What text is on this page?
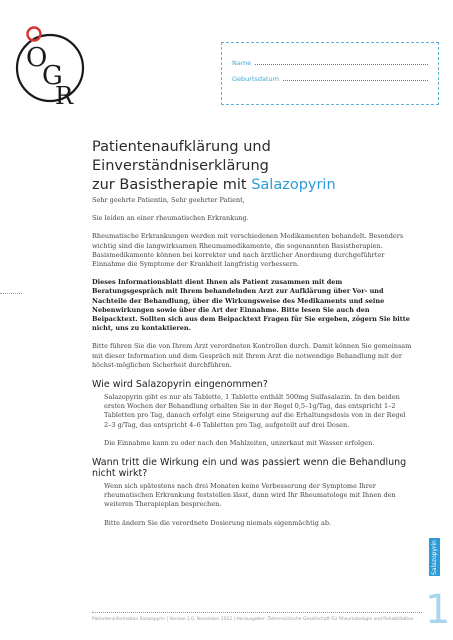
O
G
R
Name
Geburtsdatum
Patientenaufklärung und Einverständniserklärung
zur Basistherapie mit Salazopyrin

Sehr geehrte Patientin, Sehr geehrter Patient,

Sie leiden an einer rheumatischen Erkrankung.

Rheumatische Erkrankungen werden mit verschiedenen Medikamenten behandelt. Besonders wichtig sind die langwirksamen Rheumamedikamente, die sogenannten Basistherapien. Basismedikamente können bei korrekter und nach ärztlicher Anordnung durchgeführter Einnahme die Symptome der Krankheit langfristig verbessern.

Dieses Informationsblatt dient Ihnen als Patient zusammen mit dem Beratungsgespräch mit Ihrem behandelnden Arzt zur Aufklärung über Vor- und Nachteile der Behandlung, über die Wirkungsweise des Medikaments und seine Nebenwirkungen sowie über die Art der Einnahme. Bitte lesen Sie auch den Beipacktext. Sollten sich aus dem Beipacktext Fragen für Sie ergeben, zögern Sie bitte nicht, uns zu kontaktieren.

Bitte führen Sie die von Ihrem Arzt verordneten Kontrollen durch. Damit können Sie gemeinsam mit dieser Information und dem Gespräch mit Ihrem Arzt die notwendige Behandlung mit der höchst-möglichen Sicherheit durchführen.

Wie wird Salazopyrin eingenommen?

Salazopyrin gibt es nur als Tablette, 1 Tablette enthält 500mg Sulfasalazin. In den beiden ersten Wochen der Behandlung erhalten Sie in der Regel 0,5–1g/Tag, das entspricht 1–2 Tabletten pro Tag, danach erfolgt eine Steigerung auf die Erhaltungsdosis von in der Regel 2–3 g/Tag, das entspricht 4–6 Tabletten pro Tag, aufgeteilt auf drei Dosen.

Die Einnahme kann zu oder nach den Mahlzeiten, unzerkaut mit Wasser erfolgen.

Wann tritt die Wirkung ein und was passiert wenn die Behandlung nicht wirkt?

Wenn sich spätestens nach drei Monaten keine Verbesserung der Symptome Ihrer rheumatischen Erkrankung feststellen lässt, dann wird Ihr Rheumatologe mit Ihnen den weiteren Therapieplan besprechen.

Bitte ändern Sie die verordnete Dosierung niemals eigenmächtig ab.

Salazopyrin
1
Patienteninformation Salazopyrin | Version 1.0, November 2012 | Herausgeber: Österreichische Gesellschaft für Rheumatologie und Rehabilitation
